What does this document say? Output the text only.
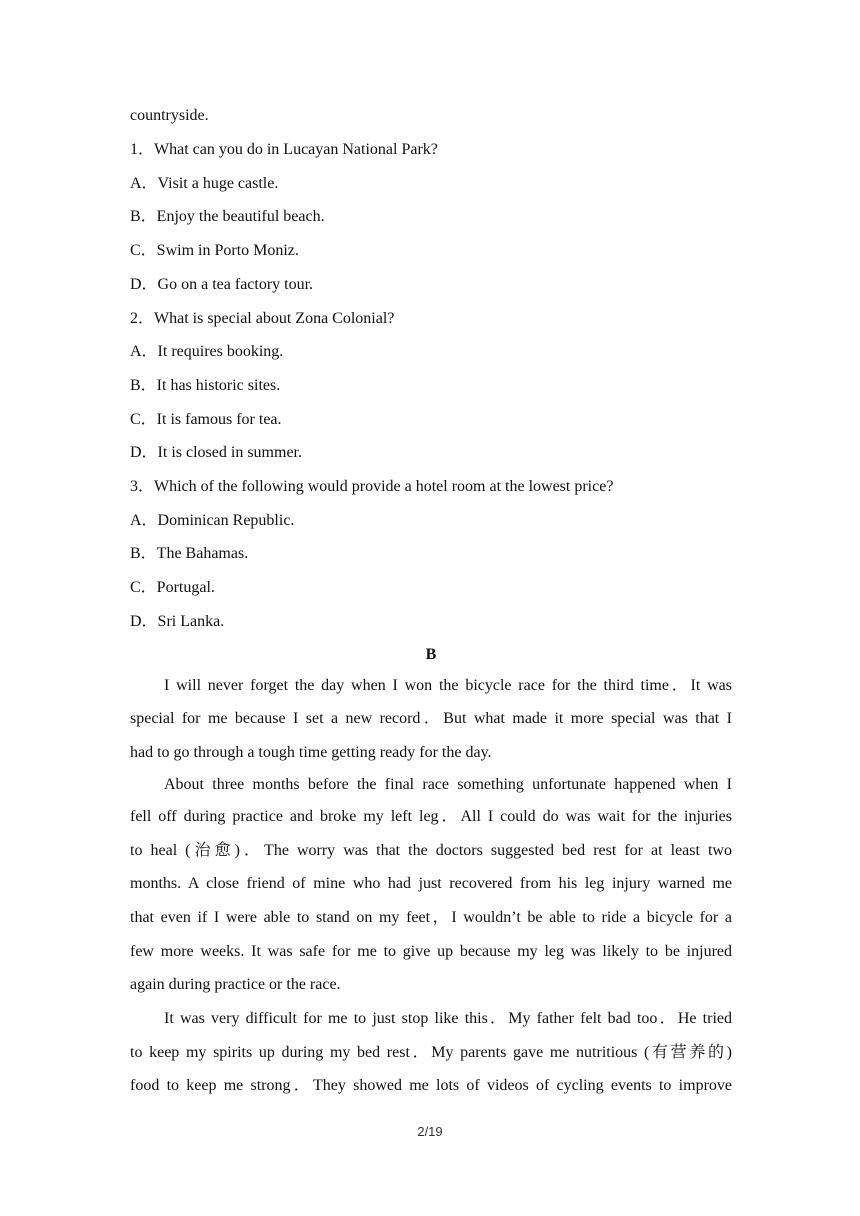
countryside.
1．What can you do in Lucayan National Park?
A．Visit a huge castle.
B．Enjoy the beautiful beach.
C．Swim in Porto Moniz.
D．Go on a tea factory tour.
2．What is special about Zona Colonial?
A．It requires booking.
B．It has historic sites.
C．It is famous for tea.
D．It is closed in summer.
3．Which of the following would provide a hotel room at the lowest price?
A．Dominican Republic.
B．The Bahamas.
C．Portugal.
D．Sri Lanka.
B
I will never forget the day when I won the bicycle race for the third time．It was
special for me because I set a new record．But what made it more special was that I
had to go through a tough time getting ready for the day.
About three months before the final race something unfortunate happened when I
fell off during practice and broke my left leg．All I could do was wait for the injuries
to heal (治愈)．The worry was that the doctors suggested bed rest for at least two
months. A close friend of mine who had just recovered from his leg injury warned me
that even if I were able to stand on my feet，I wouldn’t be able to ride a bicycle for a
few more weeks. It was safe for me to give up because my leg was likely to be injured
again during practice or the race.
It was very difficult for me to just stop like this．My father felt bad too．He tried
to keep my spirits up during my bed rest．My parents gave me nutritious (有营养的)
food to keep me strong．They showed me lots of videos of cycling events to improve
2/19
